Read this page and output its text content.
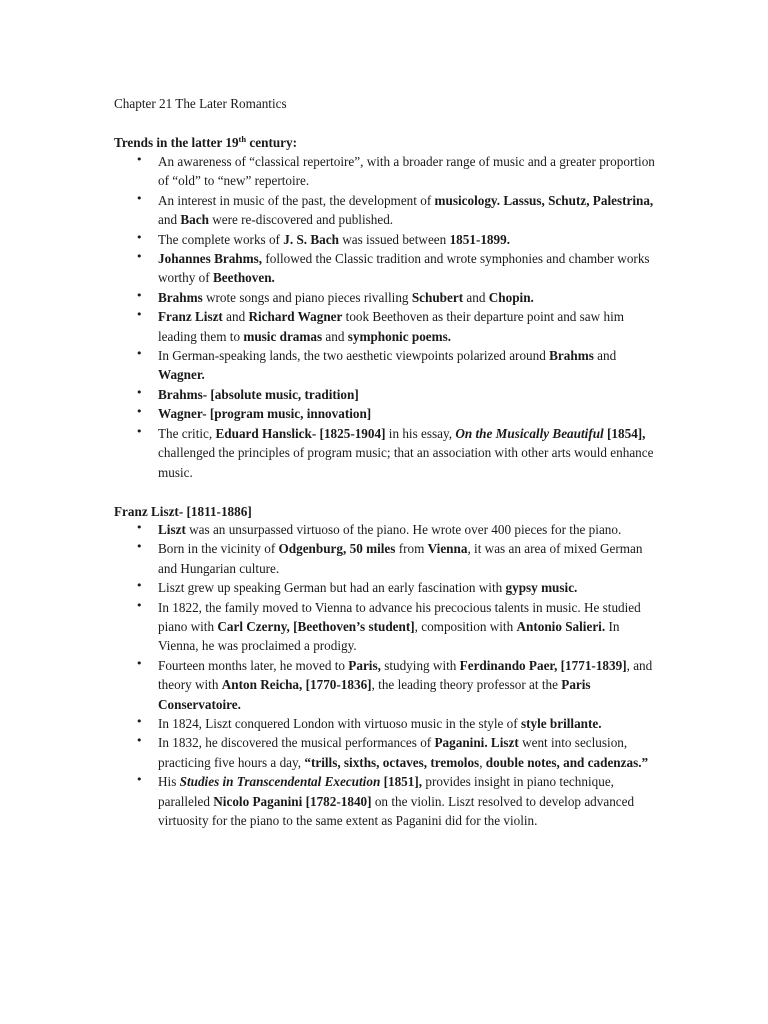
Chapter 21 The Later Romantics
Trends in the latter 19th century:
• An awareness of “classical repertoire”, with a broader range of music and a greater proportion of “old” to “new” repertoire.
• An interest in music of the past, the development of musicology. Lassus, Schutz, Palestrina, and Bach were re-discovered and published.
• The complete works of J. S. Bach was issued between 1851-1899.
• Johannes Brahms, followed the Classic tradition and wrote symphonies and chamber works worthy of Beethoven.
• Brahms wrote songs and piano pieces rivalling Schubert and Chopin.
• Franz Liszt and Richard Wagner took Beethoven as their departure point and saw him leading them to music dramas and symphonic poems.
• In German-speaking lands, the two aesthetic viewpoints polarized around Brahms and Wagner.
• Brahms- [absolute music, tradition]
• Wagner- [program music, innovation]
• The critic, Eduard Hanslick- [1825-1904] in his essay, On the Musically Beautiful [1854], challenged the principles of program music; that an association with other arts would enhance music.
Franz Liszt- [1811-1886]
• Liszt was an unsurpassed virtuoso of the piano. He wrote over 400 pieces for the piano.
• Born in the vicinity of Odgenburg, 50 miles from Vienna, it was an area of mixed German and Hungarian culture.
• Liszt grew up speaking German but had an early fascination with gypsy music.
• In 1822, the family moved to Vienna to advance his precocious talents in music. He studied piano with Carl Czerny, [Beethoven’s student], composition with Antonio Salieri. In Vienna, he was proclaimed a prodigy.
• Fourteen months later, he moved to Paris, studying with Ferdinando Paer, [1771-1839], and theory with Anton Reicha, [1770-1836], the leading theory professor at the Paris Conservatoire.
• In 1824, Liszt conquered London with virtuoso music in the style of style brillante.
• In 1832, he discovered the musical performances of Paganini. Liszt went into seclusion, practicing five hours a day, “trills, sixths, octaves, tremolos, double notes, and cadenzas.”
• His Studies in Transcendental Execution [1851], provides insight in piano technique, paralleled Nicolo Paganini [1782-1840] on the violin. Liszt resolved to develop advanced virtuosity for the piano to the same extent as Paganini did for the violin.
